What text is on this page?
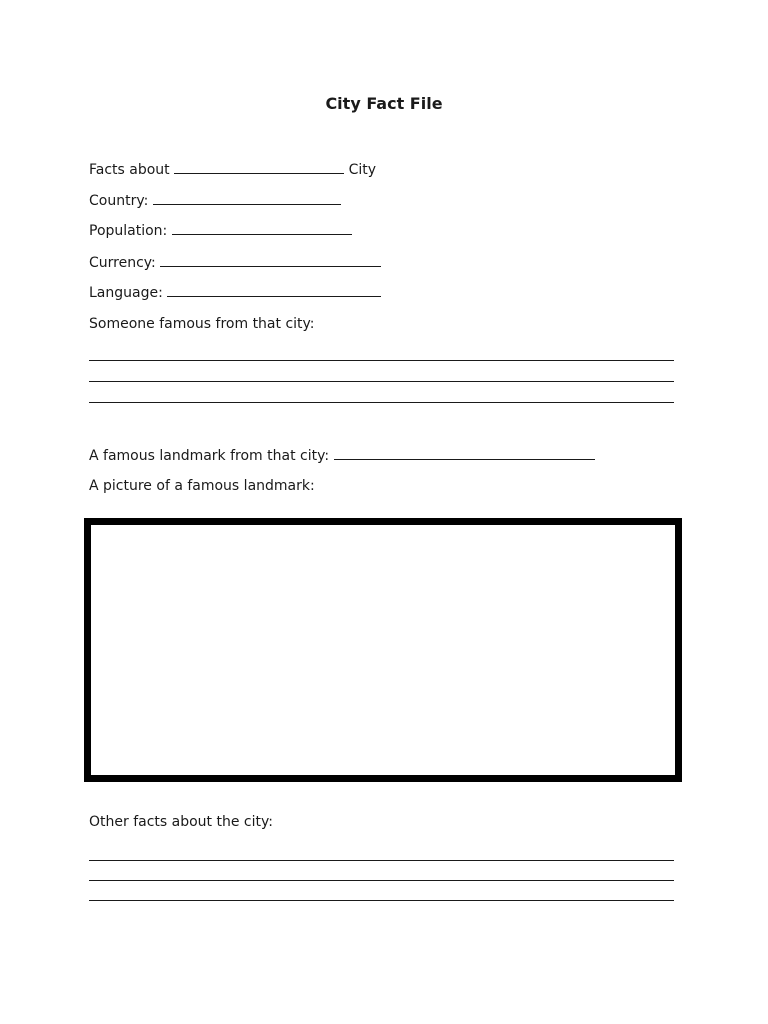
City Fact File
Facts about	City
Country:
Population:
Currency:
Language:
Someone famous from that city:
A famous landmark from that city:
A picture of a famous landmark:
Other facts about the city:
